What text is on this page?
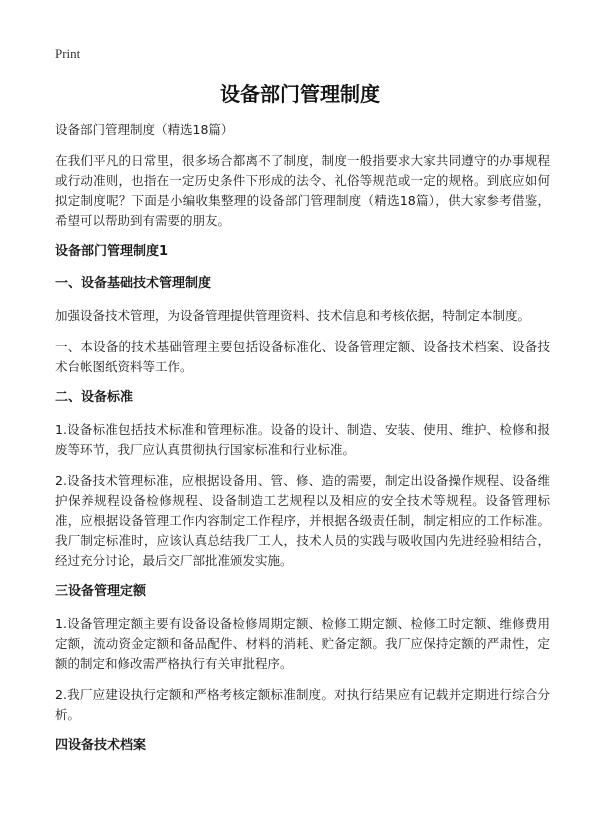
Print
设备部门管理制度

设备部门管理制度（精选18篇）

在我们平凡的日常里，很多场合都离不了制度，制度一般指要求大家共同遵守的办事规程或行动准则，也指在一定历史条件下形成的法令、礼俗等规范或一定的规格。到底应如何拟定制度呢？下面是小编收集整理的设备部门管理制度（精选18篇），供大家参考借鉴，希望可以帮助到有需要的朋友。

设备部门管理制度1
一、设备基础技术管理制度

加强设备技术管理，为设备管理提供管理资料、技术信息和考核依据，特制定本制度。

一、本设备的技术基础管理主要包括设备标准化、设备管理定额、设备技术档案、设备技术台帐图纸资料等工作。

二、设备标准

1.设备标准包括技术标准和管理标准。设备的设计、制造、安装、使用、维护、检修和报废等环节，我厂应认真贯彻执行国家标准和行业标准。

2.设备技术管理标准，应根据设备用、管、修、造的需要，制定出设备操作规程、设备维护保养规程设备检修规程、设备制造工艺规程以及相应的安全技术等规程。设备管理标准，应根据设备管理工作内容制定工作程序，并根据各级责任制，制定相应的工作标准。我厂制定标准时，应该认真总结我厂工人，技术人员的实践与吸收国内先进经验相结合，经过充分讨论，最后交厂部批准颁发实施。

三设备管理定额

1.设备管理定额主要有设备设备检修周期定额、检修工期定额、检修工时定额、维修费用定额，流动资金定额和备品配件、材料的消耗、贮备定额。我厂应保持定额的严肃性，定额的制定和修改需严格执行有关审批程序。

2.我厂应建设执行定额和严格考核定额标准制度。对执行结果应有记载并定期进行综合分析。

四设备技术档案
